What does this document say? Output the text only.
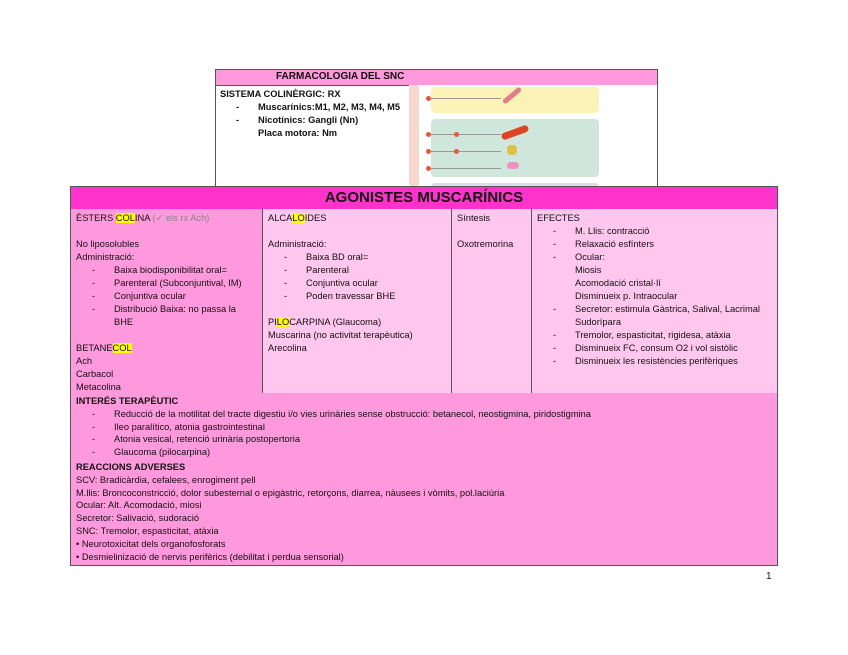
FARMACOLOGIA DEL SNC
SISTEMA COLINÈRGIC: RX
- Muscarínics:M1, M2, M3, M4, M5
- Nicotínics: Gangli (Nn)
Placa motora: Nm
AGONISTES MUSCARÍNICS
ÈSTERS COLINA (✓ els rx Ach)

No liposolubles
Administració:
- Baixa biodisponibilitat oral=
- Parenteral (Subconjuntival, IM)
- Conjuntiva ocular
- Distribució Baixa: no passa la BHE

BETANECOL
Ach
Carbacol
Metacolina
ALCALOIDES

Administració:
- Baixa BD oral=
- Parenteral
- Conjuntiva ocular
- Poden travessar BHE

PILOCARPINA (Glaucoma)
Muscarina (no activitat terapèutica)
Arecolina
Síntesis

Oxotremorina
EFECTES
- M. Llis: contracció
- Relaxació esfínters
- Ocular:
Miosis
Acomodació cristal·lí
Disminueix p. Intraocular
- Secretor: estimula Gàstrica, Salival, Lacrimal
Sudorípara
- Tremolor, espasticitat, rigidesa, atàxia
- Disminueix FC, consum O2 i vol sistòlic
- Disminueix les resistències perifèriques
INTERÉS TERAPÈUTIC
- Reducció de la motilitat del tracte digestiu i/o vies urinàries sense obstrucció: betanecol, neostigmina, piridostigmina
- Ileo paralítico, atonia gastrointestinal
- Atonia vesical, retenció urinària postopertoria
- Glaucoma (pilocarpina)
REACCIONS ADVERSES
SCV: Bradicàrdia, cefalees, enrogiment pell
M.llis: Broncoconstricció, dolor subesternal o epigàstric, retorçons, diarrea, nàusees i vòmits, pol.laciúria
Ocular: Alt. Acomodació, miosi
Secretor: Salivació, sudoració
SNC: Tremolor, espasticitat, atàxia
• Neurotoxicitat dels organofosforats
• Desmielinizació de nervis perifèrics (debilitat i perdua sensorial)
1
